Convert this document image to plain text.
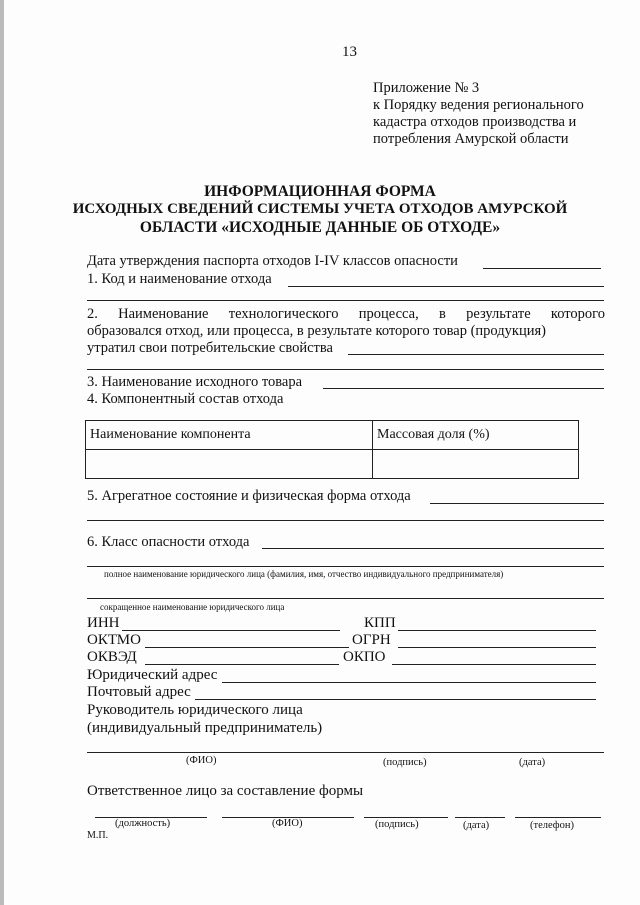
13
Приложение № 3
к Порядку ведения регионального
кадастра отходов производства и
потребления Амурской области
ИНФОРМАЦИОННАЯ ФОРМА
ИСХОДНЫХ СВЕДЕНИЙ СИСТЕМЫ УЧЕТА ОТХОДОВ АМУРСКОЙ
ОБЛАСТИ «ИСХОДНЫЕ ДАННЫЕ ОБ ОТХОДЕ»
Дата утверждения паспорта отходов I-IV классов опасности
1. Код и наименование отхода
2. Наименование технологического процесса, в результате которого
образовался отход, или процесса, в результате которого товар (продукция)
утратил свои потребительские свойства
3. Наименование исходного товара
4. Компонентный состав отхода
Наименование компонента	Массовая доля (%)

5. Агрегатное состояние и физическая форма отхода
6. Класс опасности отхода
полное наименование юридического лица (фамилия, имя, отчество индивидуального предпринимателя)
сокращенное наименование юридического лица
ИНН	КПП
ОКТМО	ОГРН
ОКВЭД	ОКПО
Юридический адрес
Почтовый адрес
Руководитель юридического лица
(индивидуальный предприниматель)
(ФИО)	(подпись)	(дата)
Ответственное лицо за составление формы
(должность)	(ФИО)	(подпись)	(дата)	(телефон)
М.П.
